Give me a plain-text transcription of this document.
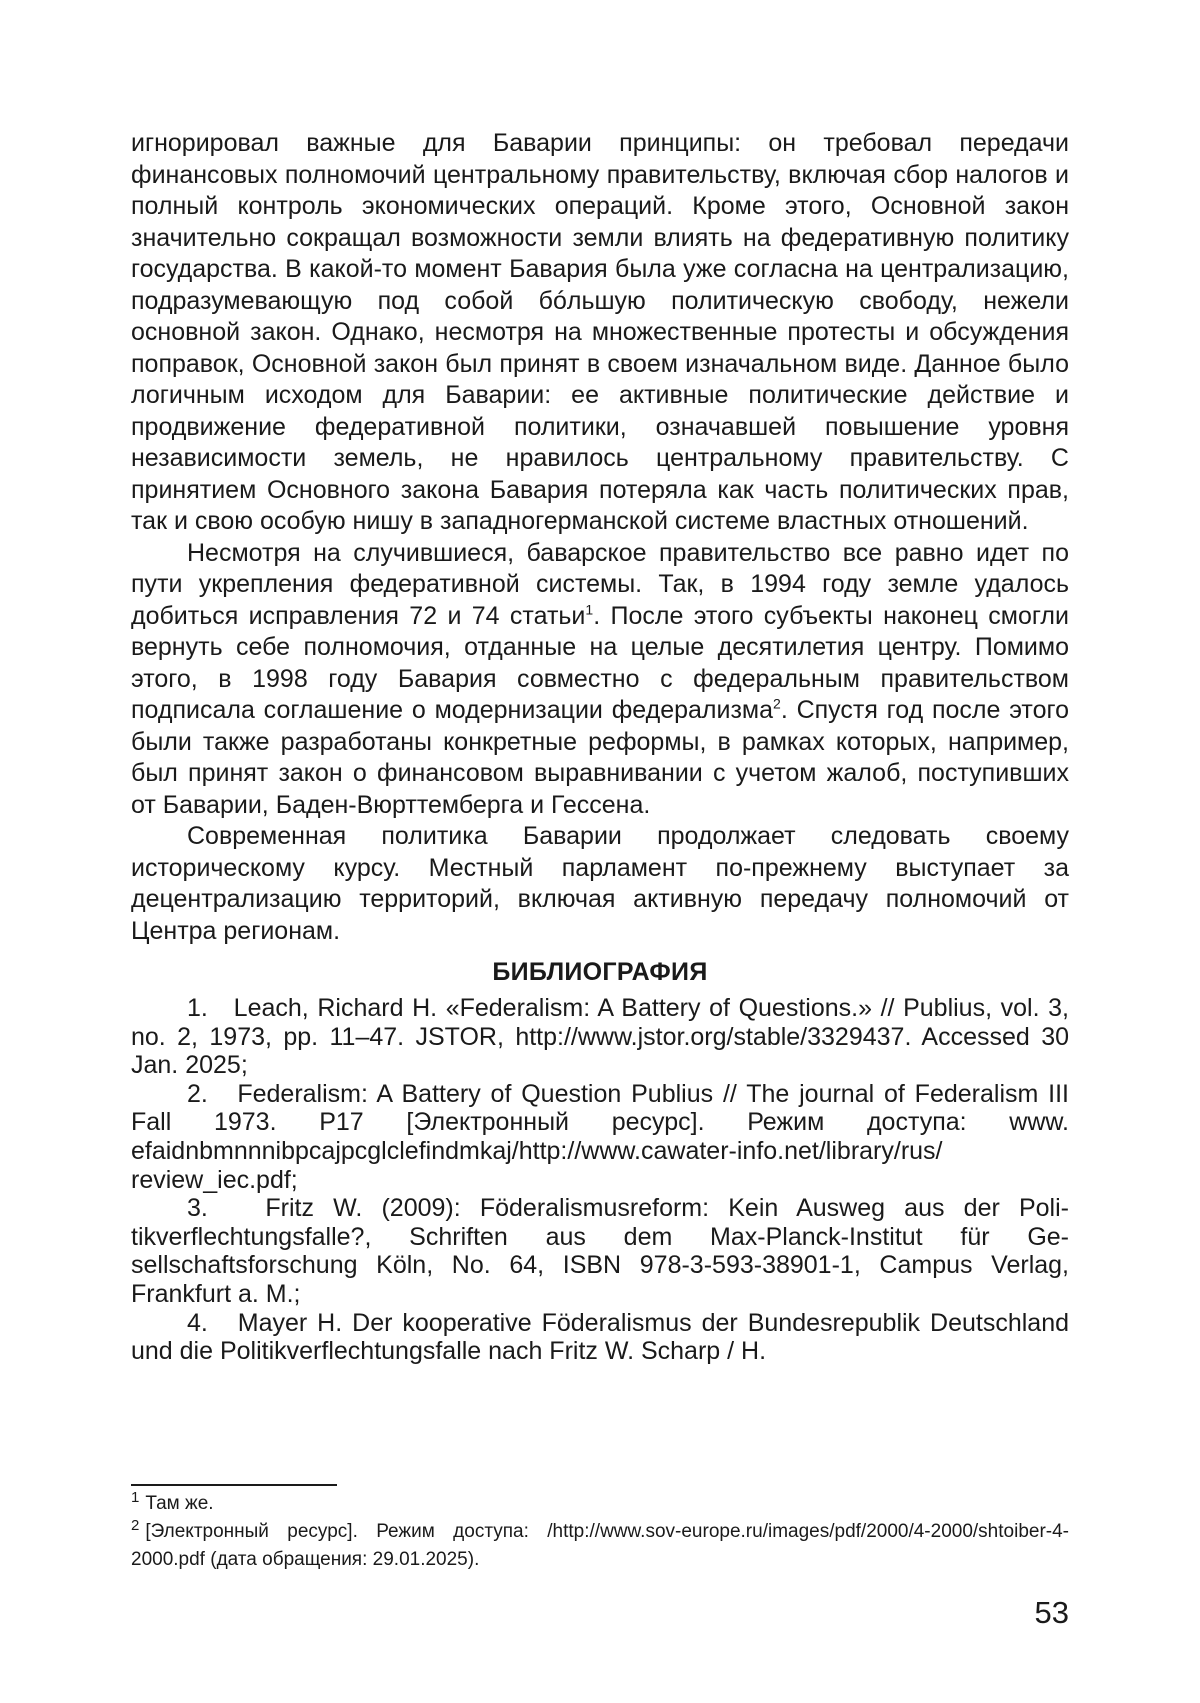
игнорировал важные для Баварии принципы: он требовал передачи финансовых полномочий центральному правительству, включая сбор налогов и полный контроль экономических операций. Кроме этого, Основной закон значительно сокращал возможности земли влиять на федеративную политику государства. В какой-то момент Бавария была уже согласна на централизацию, подразумевающую под собой бóльшую политическую свободу, нежели основной закон. Однако, несмотря на множественные протесты и обсуждения поправок, Основной закон был принят в своем изначальном виде. Данное было логичным исходом для Баварии: ее активные политические действие и продвижение федеративной политики, означавшей повышение уровня независимости земель, не нравилось центральному правительству. С принятием Основного закона Бавария потеряла как часть политических прав, так и свою особую нишу в западногерманской системе властных отношений.

Несмотря на случившиеся, баварское правительство все равно идет по пути укрепления федеративной системы. Так, в 1994 году земле удалось добиться исправления 72 и 74 статьи$^1$. После этого субъекты наконец смогли вернуть себе полномочия, отданные на целые десятилетия центру. Помимо этого, в 1998 году Бавария совместно с федеральным правительством подписала соглашение о модернизации федерализма$^2$. Спустя год после этого были также разработаны конкретные реформы, в рамках которых, например, был принят закон о финансовом выравнивании с учетом жалоб, поступивших от Баварии, Баден-Вюрттемберга и Гессена.

Современная политика Баварии продолжает следовать своему историческому курсу. Местный парламент по-прежнему выступает за децентрализацию территорий, включая активную передачу полномочий от Центра регионам.

БИБЛИОГРАФИЯ

1.   Leach, Richard H. «Federalism: A Battery of Questions.» // Publius, vol. 3, no. 2, 1973, pp. 11–47. JSTOR, http://www.jstor.org/stable/3329437. Accessed 30 Jan. 2025;

2.   Federalism: A Battery of Question Publius // The journal of Federalism III Fall 1973. P17 [Электронный ресурс]. Режим доступа: www. efaidnbmnnnibpcajpcglclefindmkaj/http://www.cawater-info.net/library/rus/ review_iec.pdf;

3.   Fritz W. (2009): Föderalismusreform: Kein Ausweg aus der Politikverflechtungsfalle?, Schriften aus dem Max-Planck-Institut für Gesellschaftsforschung Köln, No. 64, ISBN 978-3-593-38901-1, Campus Verlag, Frankfurt a. M.;

4.   Mayer H. Der kooperative Föderalismus der Bundesrepublik Deutschland und die Politikverflechtungsfalle nach Fritz W. Scharp / H.

$^1$ Там же.

$^2$ [Электронный ресурс]. Режим доступа: /http://www.sov-europe.ru/images/pdf/2000/4-2000/shtoiber-4-2000.pdf (дата обращения: 29.01.2025).

53
